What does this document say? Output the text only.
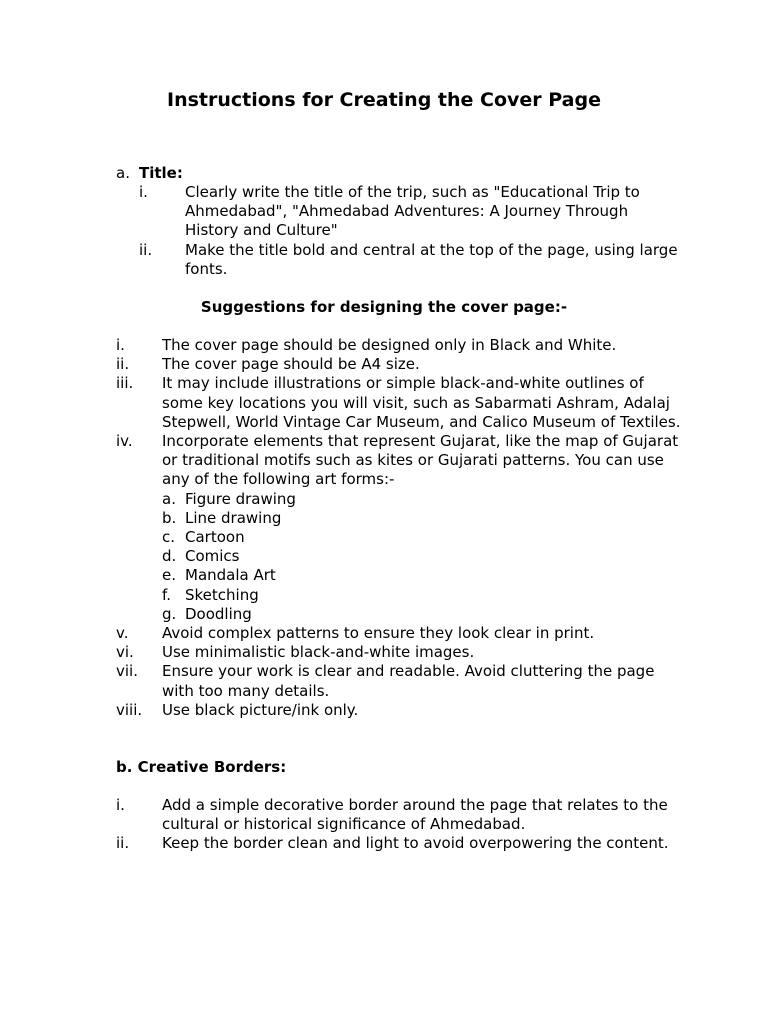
Instructions for Creating the Cover Page
a. Title:
i.	Clearly write the title of the trip, such as "Educational Trip to Ahmedabad", "Ahmedabad Adventures: A Journey Through History and Culture"
ii.	Make the title bold and central at the top of the page, using large fonts.
Suggestions for designing the cover page:-
i.	The cover page should be designed only in Black and White.
ii.	The cover page should be A4 size.
iii.	It may include illustrations or simple black-and-white outlines of some key locations you will visit, such as Sabarmati Ashram, Adalaj Stepwell, World Vintage Car Museum, and Calico Museum of Textiles.
iv.	Incorporate elements that represent Gujarat, like the map of Gujarat or traditional motifs such as kites or Gujarati patterns. You can use any of the following art forms:-
a. Figure drawing
b. Line drawing
c. Cartoon
d. Comics
e. Mandala Art
f. Sketching
g. Doodling
v.	Avoid complex patterns to ensure they look clear in print.
vi.	Use minimalistic black-and-white images.
vii.	Ensure your work is clear and readable. Avoid cluttering the page with too many details.
viii.	Use black picture/ink only.
b. Creative Borders:
i.	Add a simple decorative border around the page that relates to the cultural or historical significance of Ahmedabad.
ii.	Keep the border clean and light to avoid overpowering the content.
